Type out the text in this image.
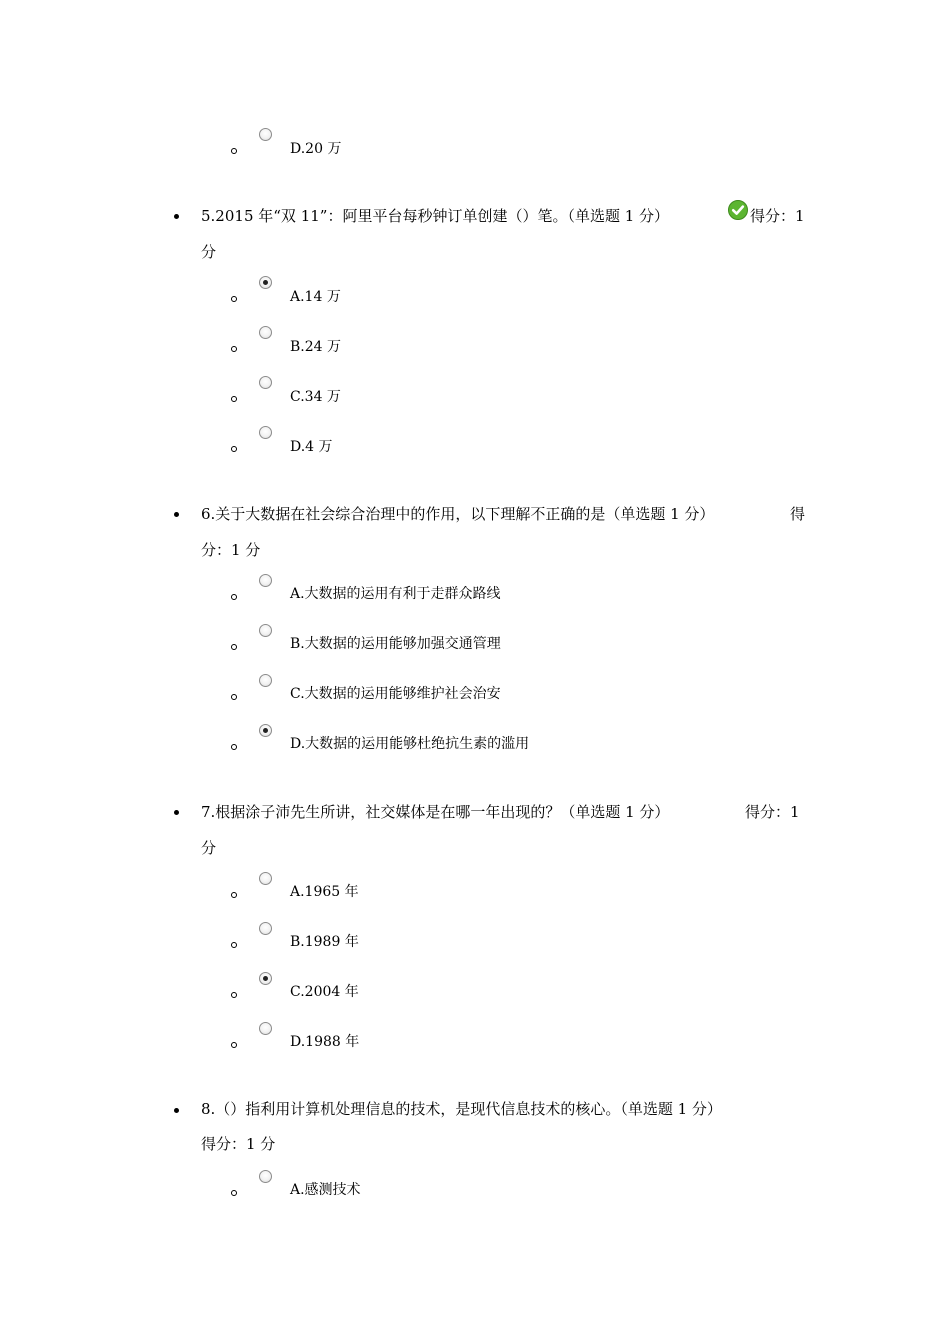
D.20 万
5.2015 年“双 11”：阿里平台每秒钟订单创建（）笔。（单选题 1 分）	得分：1
分
A.14 万
B.24 万
C.34 万
D.4 万
6.关于大数据在社会综合治理中的作用，以下理解不正确的是（单选题 1 分）	得
分：1 分
A.大数据的运用有利于走群众路线
B.大数据的运用能够加强交通管理
C.大数据的运用能够维护社会治安
D.大数据的运用能够杜绝抗生素的滥用
7.根据涂子沛先生所讲，社交媒体是在哪一年出现的？（单选题 1 分）	得分：1
分
A.1965 年
B.1989 年
C.2004 年
D.1988 年
8.（）指利用计算机处理信息的技术，是现代信息技术的核心。（单选题 1 分）
得分：1 分
A.感测技术
